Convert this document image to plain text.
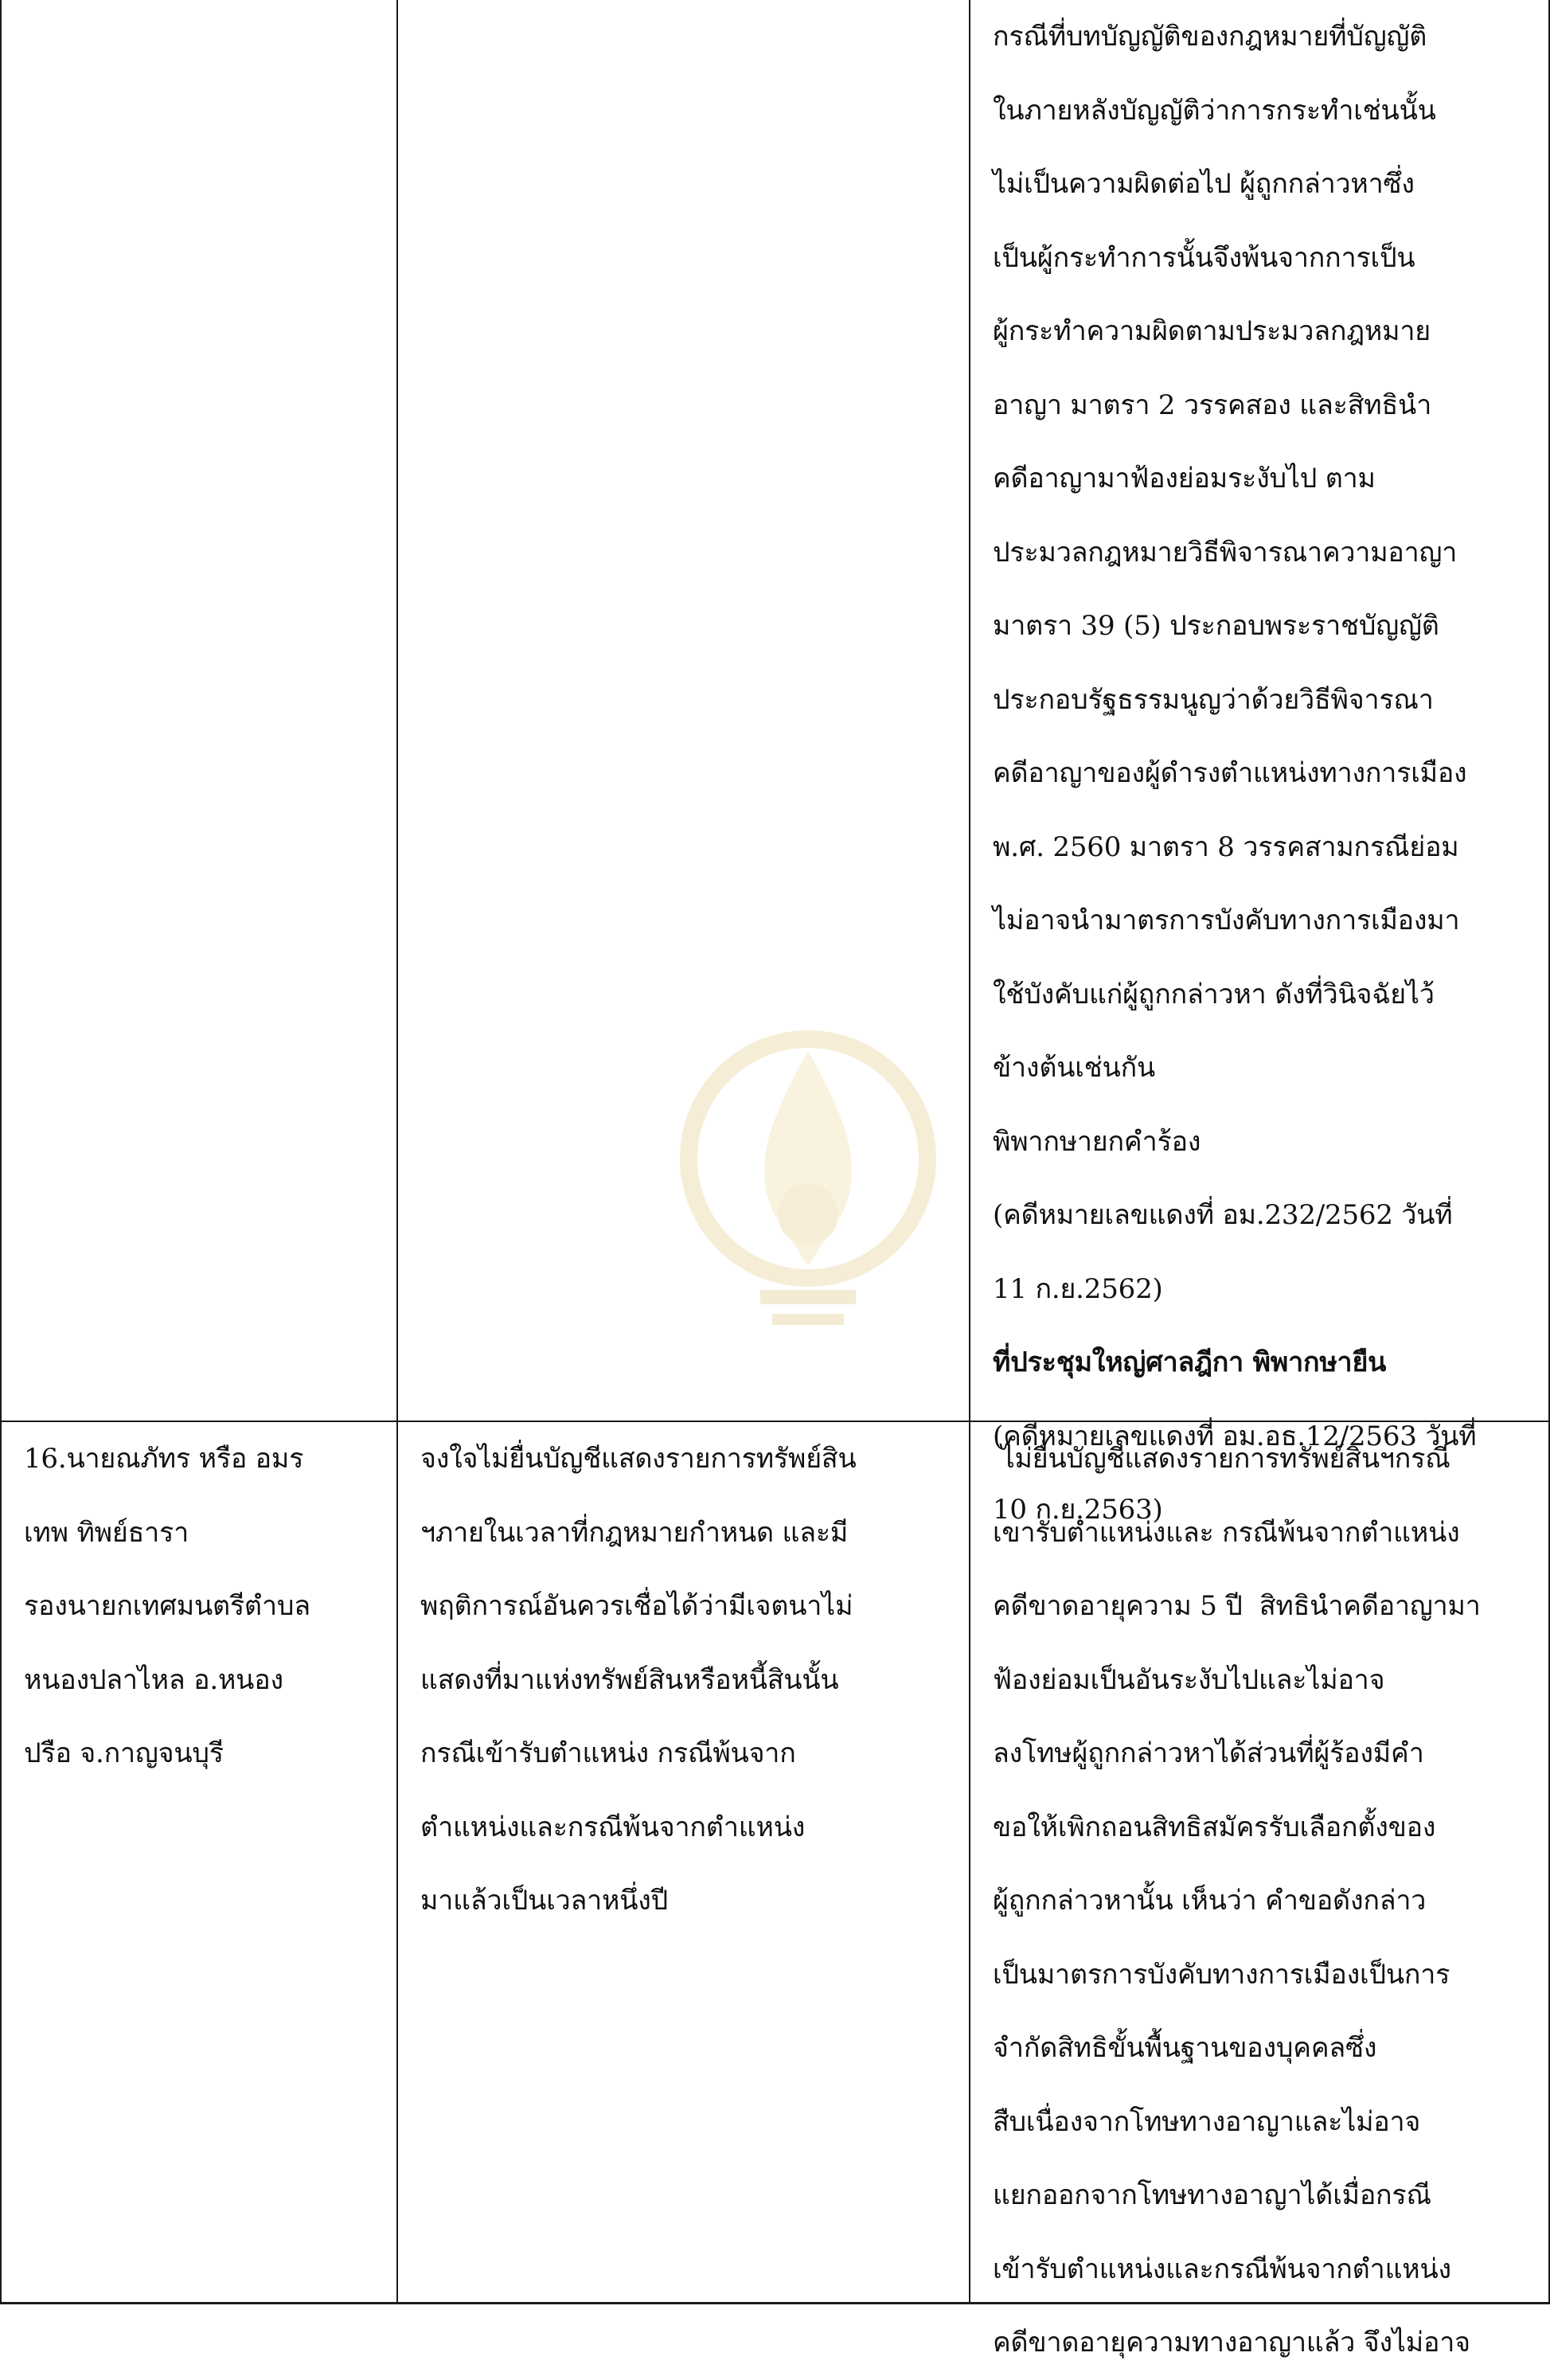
กรณีที่บทบัญญัติของกฎหมายที่บัญญัติ

ในภายหลังบัญญัติว่าการกระทำเช่นนั้น

ไม่เป็นความผิดต่อไป ผู้ถูกกล่าวหาซึ่ง

เป็นผู้กระทำการนั้นจึงพ้นจากการเป็น

ผู้กระทำความผิดตามประมวลกฎหมาย

อาญา มาตรา 2 วรรคสอง และสิทธินำ

คดีอาญามาฟ้องย่อมระงับไป ตาม

ประมวลกฎหมายวิธีพิจารณาความอาญา

มาตรา 39 (5) ประกอบพระราชบัญญัติ

ประกอบรัฐธรรมนูญว่าด้วยวิธีพิจารณา

คดีอาญาของผู้ดำรงตำแหน่งทางการเมือง

พ.ศ. 2560 มาตรา 8 วรรคสามกรณีย่อม

ไม่อาจนำมาตรการบังคับทางการเมืองมา

ใช้บังคับแก่ผู้ถูกกล่าวหา ดังที่วินิจฉัยไว้

ข้างต้นเช่นกัน

พิพากษายกคำร้อง

(คดีหมายเลขแดงที่ อม.232/2562 วันที่

11 ก.ย.2562)

ที่ประชุมใหญ่ศาลฎีกา พิพากษายืน

(คดีหมายเลขแดงที่ อม.อธ.12/2563 วันที่

10 ก.ย.2563)

16.นายณภัทร หรือ อมร

เทพ ทิพย์ธารา

รองนายกเทศมนตรีตำบล

หนองปลาไหล อ.หนอง

ปรือ จ.กาญจนบุรี

จงใจไม่ยื่นบัญชีแสดงรายการทรัพย์สิน

ฯภายในเวลาที่กฎหมายกำหนด และมี

พฤติการณ์อันควรเชื่อได้ว่ามีเจตนาไม่

แสดงที่มาแห่งทรัพย์สินหรือหนี้สินนั้น

กรณีเข้ารับตำแหน่ง กรณีพ้นจาก

ตำแหน่งและกรณีพ้นจากตำแหน่ง

มาแล้วเป็นเวลาหนึ่งปี

ไม่ยื่นบัญชีแสดงรายการทรัพย์สินฯกรณี

เขารับตำแหน่งและ กรณีพ้นจากตำแหน่ง

คดีขาดอายุความ 5 ปี  สิทธินำคดีอาญามา

ฟ้องย่อมเป็นอันระงับไปและไม่อาจ

ลงโทษผู้ถูกกล่าวหาได้ส่วนที่ผู้ร้องมีคำ

ขอให้เพิกถอนสิทธิสมัครรับเลือกตั้งของ

ผู้ถูกกล่าวหานั้น เห็นว่า คำขอดังกล่าว

เป็นมาตรการบังคับทางการเมืองเป็นการ

จำกัดสิทธิขั้นพื้นฐานของบุคคลซึ่ง

สืบเนื่องจากโทษทางอาญาและไม่อาจ

แยกออกจากโทษทางอาญาได้เมื่อกรณี

เข้ารับตำแหน่งและกรณีพ้นจากตำแหน่ง

คดีขาดอายุความทางอาญาแล้ว จึงไม่อาจ
